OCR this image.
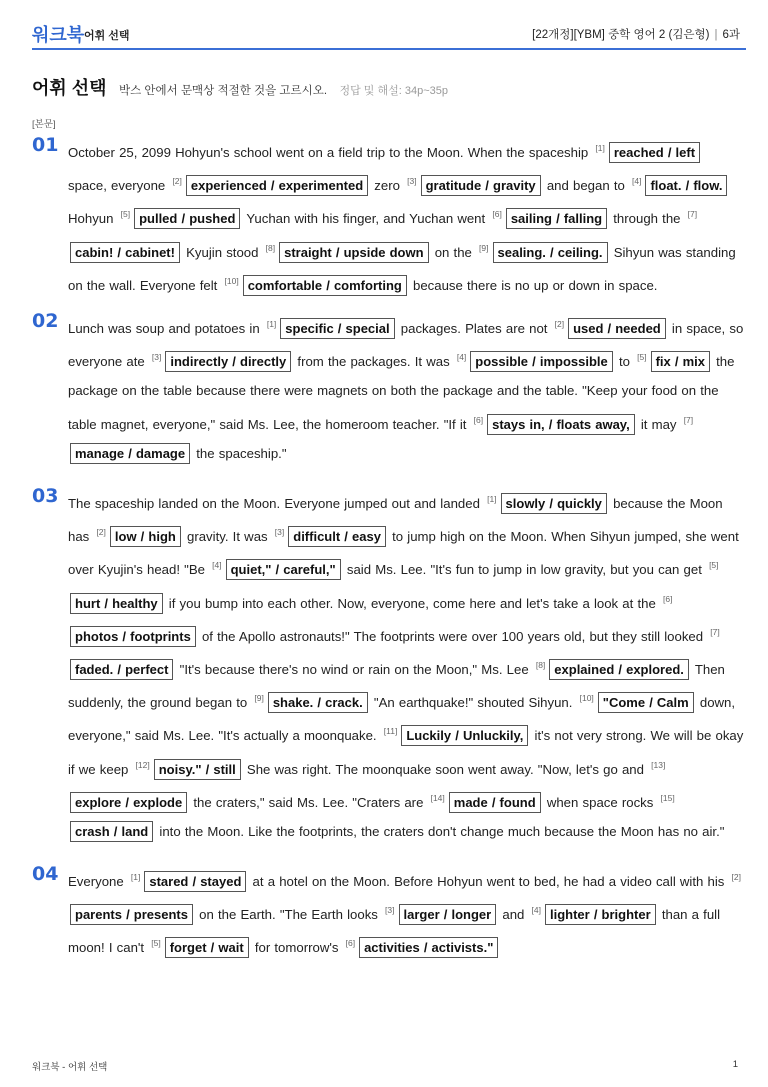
워크북 어휘 선택	[22개정][YBM] 중학 영어 2 (김은형) | 6과
어휘 선택 박스 안에서 문맥상 적절한 것을 고르시오. 정답 및 해설: 34p~35p
[본문]
01 October 25, 2099 Hohyun's school went on a field trip to the Moon. When the spaceship [1] reached / left space, everyone [2] experienced / experimented zero [3] gratitude / gravity and began to [4] float. / flow. Hohyun [5] pulled / pushed Yuchan with his finger, and Yuchan went [6] sailing / falling through the [7]cabin! / cabinet! Kyujin stood [8] straight / upside down on the [9] sealing. / ceiling. Sihyun was standing on the wall. Everyone felt [10] comfortable / comforting because there is no up or down in space.
02 Lunch was soup and potatoes in [1] specific / special packages. Plates are not [2] used / needed in space, so everyone ate [3] indirectly / directly from the packages. It was [4] possible / impossible to [5] fix / mix the package on the table because there were magnets on both the package and the table. "Keep your food on the table magnet, everyone," said Ms. Lee, the homeroom teacher. "If it [6] stays in, / floats away, it may [7]manage / damage the spaceship."
03 The spaceship landed on the Moon. Everyone jumped out and landed [1] slowly / quickly because the Moon has [2] low / high gravity. It was [3] difficult / easy to jump high on the Moon. When Sihyun jumped, she went over Kyujin's head! "Be [4] quiet," / careful," said Ms. Lee. "It's fun to jump in low gravity, but you can get [5]hurt / healthy if you bump into each other. Now, everyone, come here and let's take a look at the [6]photos / footprints of the Apollo astronauts!" The footprints were over 100 years old, but they still looked [7]faded. / perfect "It's because there's no wind or rain on the Moon," Ms. Lee [8] explained / explored. Then suddenly, the ground began to [9] shake. / crack. "An earthquake!" shouted Sihyun. [10] "Come / Calm down, everyone," said Ms. Lee. "It's actually a moonquake. [11] Luckily / Unluckily, it's not very strong. We will be okay if we keep [12] noisy." / still She was right. The moonquake soon went away. "Now, let's go and [13]explore / explode the craters," said Ms. Lee. "Craters are [14] made / found when space rocks [15]crash / land into the Moon. Like the footprints, the craters don't change much because the Moon has no air."
04 Everyone [1] stared / stayed at a hotel on the Moon. Before Hohyun went to bed, he had a video call with his [2]parents / presents on the Earth. "The Earth looks [3] larger / longer and [4] lighter / brighter than a full moon! I can't [5] forget / wait for tomorrow's [6] activities / activists."
워크북 - 어휘 선택	1
